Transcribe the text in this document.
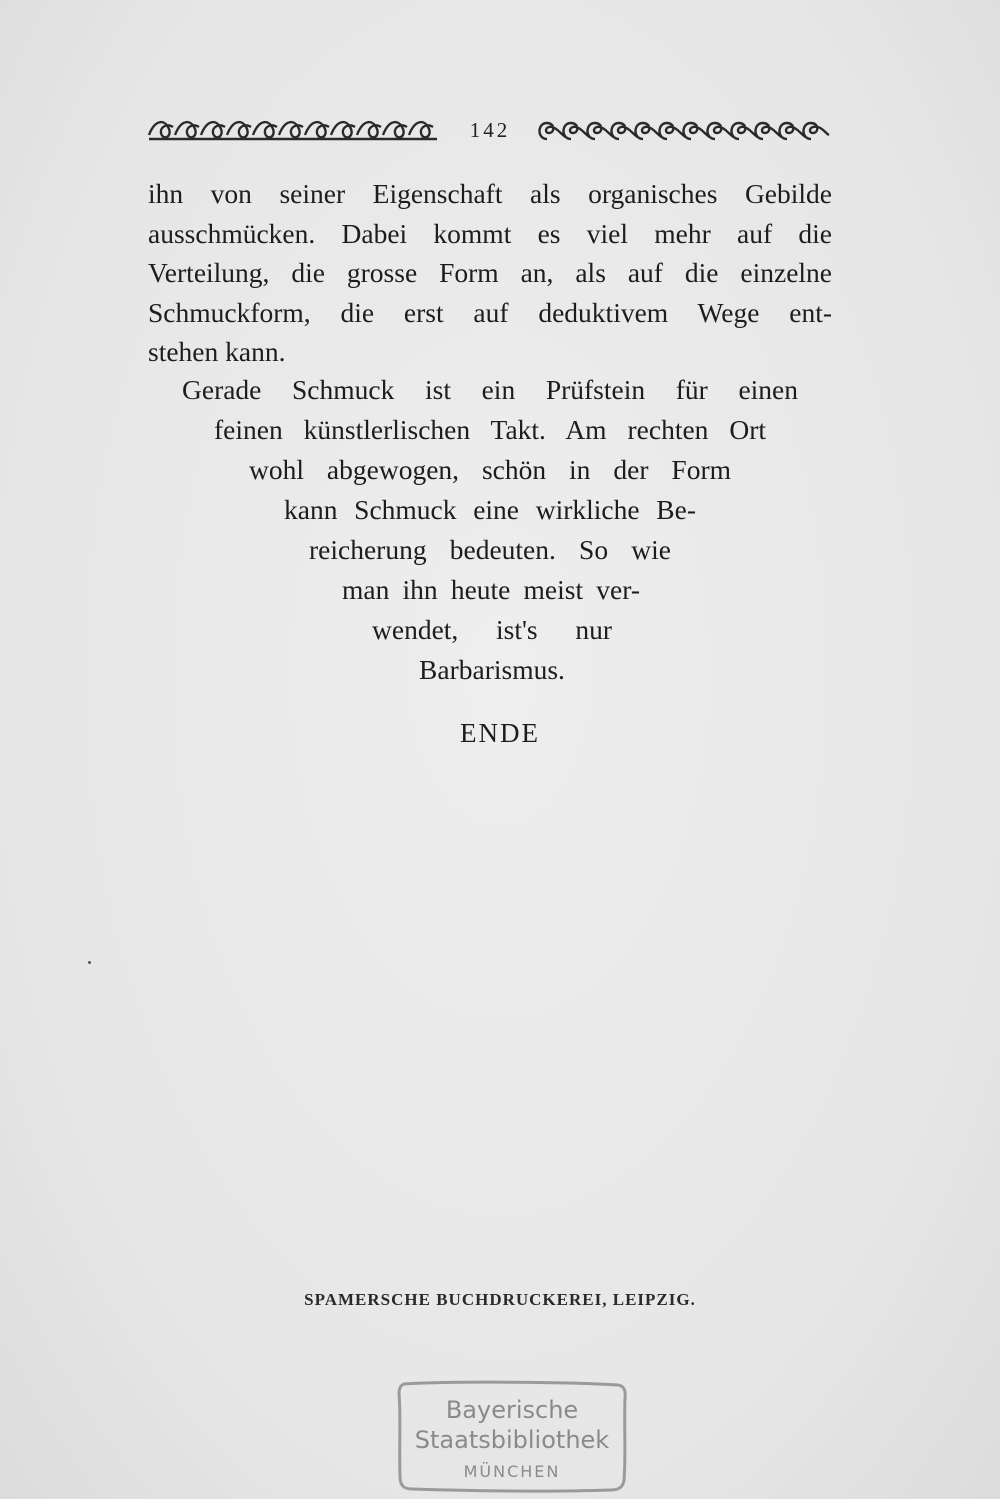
142
ihn von seiner Eigenschaft als organisches Gebilde
ausschmücken. Dabei kommt es viel mehr auf die
Verteilung, die grosse Form an, als auf die einzelne
Schmuckform, die erst auf deduktivem Wege ent-
stehen kann.
Gerade Schmuck ist ein Prüfstein für einen
feinen künstlerlischen Takt. Am rechten Ort
wohl abgewogen, schön in der Form
kann Schmuck eine wirkliche Be-
reicherung bedeuten. So wie
man ihn heute meist ver-
wendet, ist's nur
Barbarismus.
ENDE
SPAMERSCHE BUCHDRUCKEREI, LEIPZIG.
Bayerische
Staatsbibliothek
MÜNCHEN
